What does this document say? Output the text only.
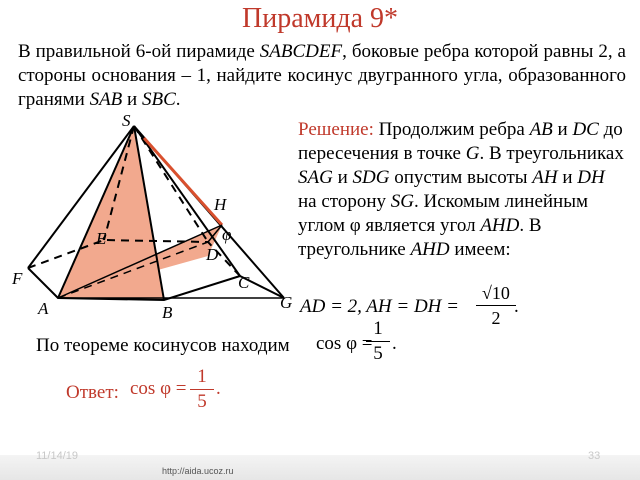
Пирамида 9*
В правильной 6-ой пирамиде SABCDEF, боковые ребра которой равны 2, а стороны основания – 1, найдите косинус двугранного угла, образованного гранями SAB и SBC.
S
H
φ
E
D
F	C
A	B
G
Решение: Продолжим ребра AB и DC до пересечения в точке G. В треугольниках SAG и SDG опустим высоты AH и DH на сторону SG. Искомым линейным углом φ является угол AHD. В треугольнике AHD имеем:
AD = 2, AH = DH =
√10
2
.
По теореме косинусов находим cos φ =
1
5 .
Ответ: cos φ =
1
5
.
11/14/19	33
http://aida.ucoz.ru
